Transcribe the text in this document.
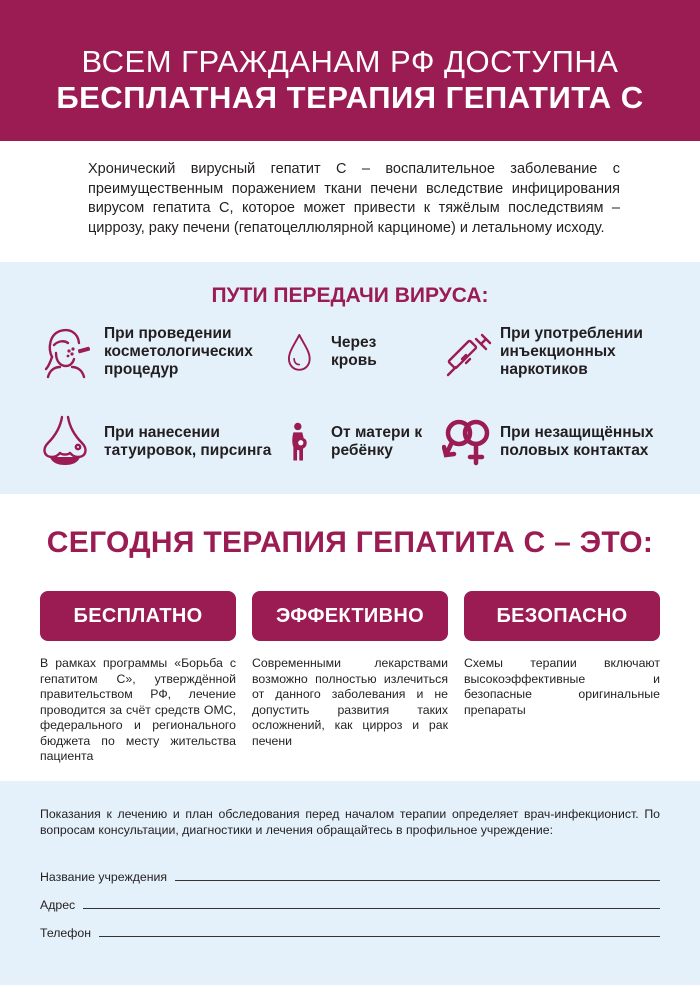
ВСЕМ ГРАЖДАНАМ РФ ДОСТУПНА
БЕСПЛАТНАЯ ТЕРАПИЯ ГЕПАТИТА С
Хронический вирусный гепатит С – воспалительное заболевание с преимущественным поражением ткани печени вследствие инфицирования вирусом гепатита С, которое может привести к тяжёлым последствиям – циррозу, раку печени (гепатоцеллюлярной карциноме) и летальному исходу.
ПУТИ ПЕРЕДАЧИ ВИРУСА:
При проведении косметологических процедур
Через кровь
При употреблении инъекционных наркотиков
При нанесении татуировок, пирсинга
От матери к ребёнку
При незащищённых половых контактах
СЕГОДНЯ ТЕРАПИЯ ГЕПАТИТА С – ЭТО:
БЕСПЛАТНО	ЭФФЕКТИВНО	БЕЗОПАСНО
В рамках программы «Борьба с гепатитом С», утверждённой правительством РФ, лечение проводится за счёт средств ОМС, федерального и регионального бюджета по месту жительства пациента
Современными лекарствами возможно полностью излечиться от данного заболевания и не допустить развития таких осложнений, как цирроз и рак печени
Схемы терапии включают высокоэффективные и безопасные оригинальные препараты
Показания к лечению и план обследования перед началом терапии определяет врач-инфекционист. По вопросам консультации, диагностики и лечения обращайтесь в профильное учреждение:
Название учреждения
Адрес
Телефон
